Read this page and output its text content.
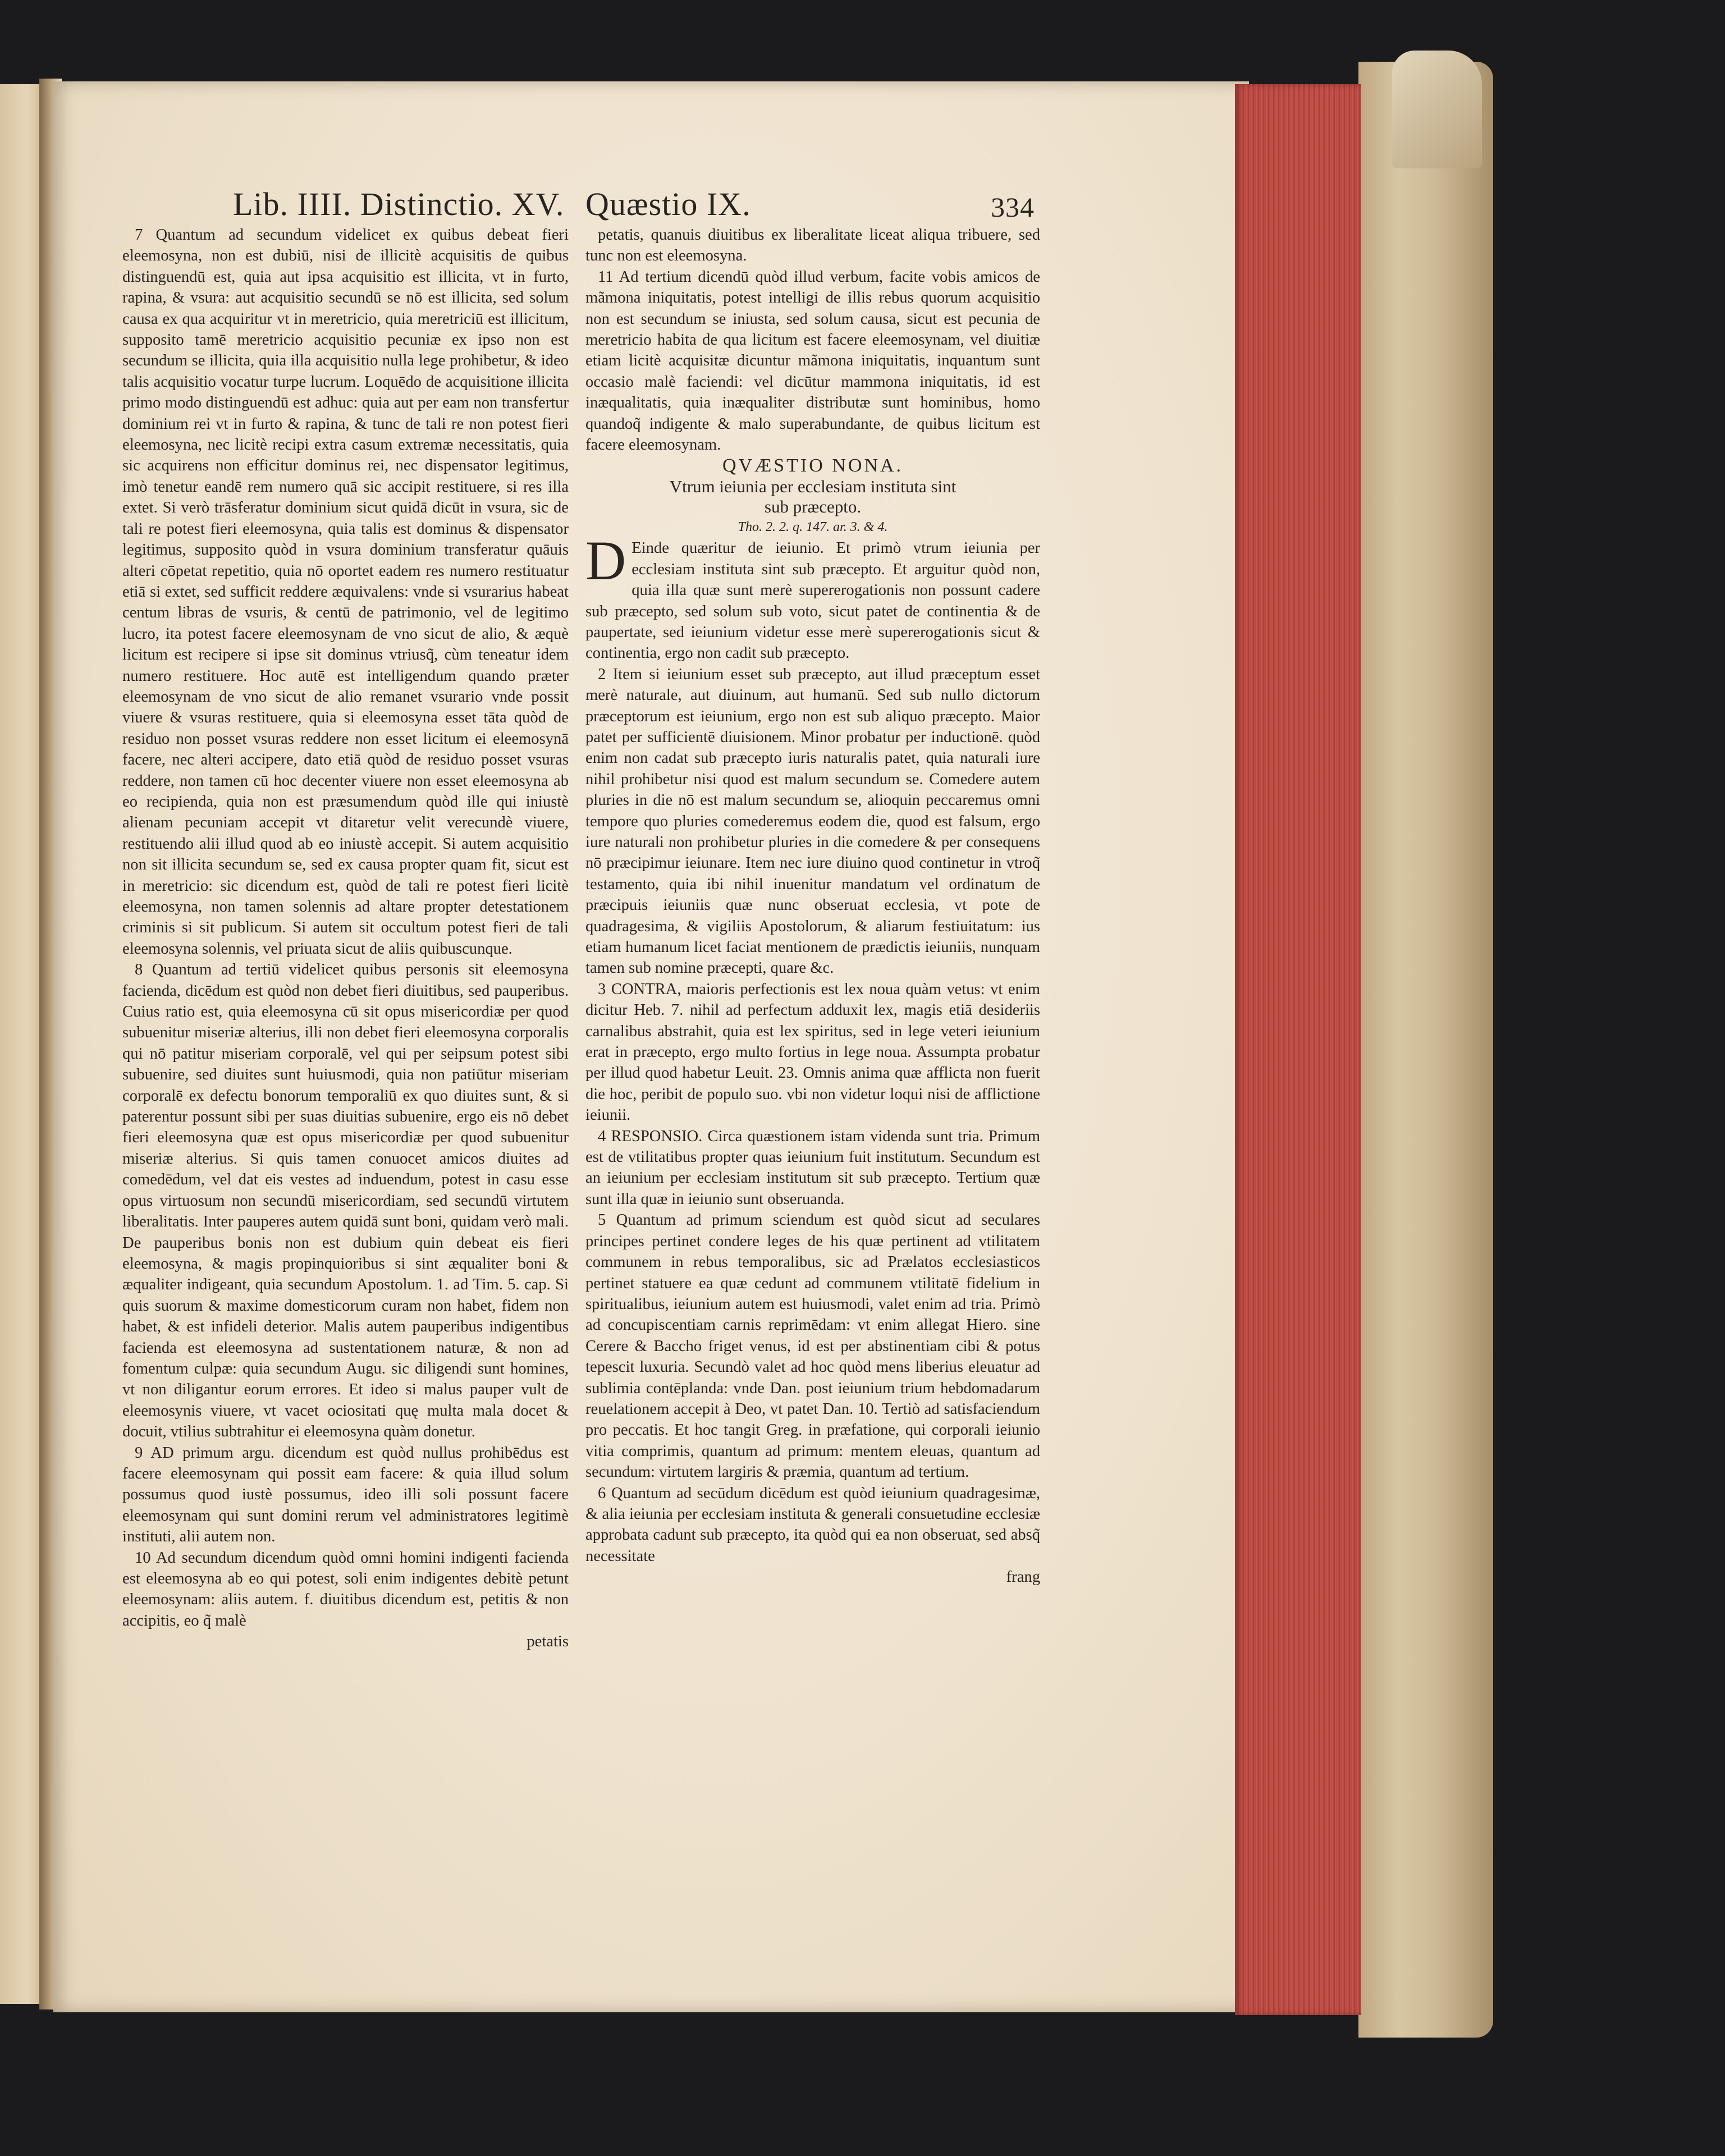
Lib. IIII. Distinctio. XV. Quæstio IX.	334

7 Quantum ad secundum videlicet ex quibus debeat fieri eleemosyna, non est dubiū, nisi de illicitè acquisitis de quibus distinguendū est, quia aut ipsa acquisitio est illicita, vt in furto, rapina, & vsura: aut acquisitio secundū se nō est illicita, sed solum causa ex qua acquiritur vt in meretricio, quia meretriciū est illicitum, supposito tamē meretricio acquisitio pecuniæ ex ipso non est secundum se illicita, quia illa acquisitio nulla lege prohibetur, & ideo talis acquisitio vocatur turpe lucrum. Loquēdo de acquisitione illicita primo modo distinguendū est adhuc: quia aut per eam non transfertur dominium rei vt in furto & rapina, & tunc de tali re non potest fieri eleemosyna, nec licitè recipi extra casum extremæ necessitatis, quia sic acquirens non efficitur dominus rei, nec dispensator legitimus, imò tenetur eandē rem numero quā sic accipit restituere, si res illa extet. Si verò trāsferatur dominium sicut quidā dicūt in vsura, sic de tali re potest fieri eleemosyna, quia talis est dominus & dispensator legitimus, supposito quòd in vsura dominium transferatur quāuis alteri cōpetat repetitio, quia nō oportet eadem res numero restituatur etiā si extet, sed sufficit reddere æquivalens: vnde si vsurarius habeat centum libras de vsuris, & centū de patrimonio, vel de legitimo lucro, ita potest facere eleemosynam de vno sicut de alio, & æquè licitum est recipere si ipse sit dominus vtriusq̃, cùm teneatur idem numero restituere. Hoc autē est intelligendum quando præter eleemosynam de vno sicut de alio remanet vsurario vnde possit viuere & vsuras restituere, quia si eleemosyna esset tāta quòd de residuo non posset vsuras reddere non esset licitum ei eleemosynā facere, nec alteri accipere, dato etiā quòd de residuo posset vsuras reddere, non tamen cū hoc decenter viuere non esset eleemosyna ab eo recipienda, quia non est præsumendum quòd ille qui iniustè alienam pecuniam accepit vt ditaretur velit verecundè viuere, restituendo alii illud quod ab eo iniustè accepit. Si autem acquisitio non sit illicita secundum se, sed ex causa propter quam fit, sicut est in meretricio: sic dicendum est, quòd de tali re potest fieri licitè eleemosyna, non tamen solennis ad altare propter detestationem criminis si sit publicum. Si autem sit occultum potest fieri de tali eleemosyna solennis, vel priuata sicut de aliis quibuscunque.

8 Quantum ad tertiū videlicet quibus personis sit eleemosyna facienda, dicēdum est quòd non debet fieri diuitibus, sed pauperibus. Cuius ratio est, quia eleemosyna cū sit opus misericordiæ per quod subuenitur miseriæ alterius, illi non debet fieri eleemosyna corporalis qui nō patitur miseriam corporalē, vel qui per seipsum potest sibi subuenire, sed diuites sunt huiusmodi, quia non patiūtur miseriam corporalē ex defectu bonorum temporaliū ex quo diuites sunt, & si paterentur possunt sibi per suas diuitias subuenire, ergo eis nō debet fieri eleemosyna quæ est opus misericordiæ per quod subuenitur miseriæ alterius. Si quis tamen conuocet amicos diuites ad comedēdum, vel dat eis vestes ad induendum, potest in casu esse opus virtuosum non secundū misericordiam, sed secundū virtutem liberalitatis. Inter pauperes autem quidā sunt boni, quidam verò mali. De pauperibus bonis non est dubium quin debeat eis fieri eleemosyna, & magis propinquioribus si sint æqualiter boni & æqualiter indigeant, quia secundum Apostolum. 1. ad Tim. 5. cap. Si quis suorum & maxime domesticorum curam non habet, fidem non habet, & est infideli deterior. Malis autem pauperibus indigentibus facienda est eleemosyna ad sustentationem naturæ, & non ad fomentum culpæ: quia secundum Augu. sic diligendi sunt homines, vt non diligantur eorum errores. Et ideo si malus pauper vult de eleemosynis viuere, vt vacet ociositati quę multa mala docet & docuit, vtilius subtrahitur ei eleemosyna quàm donetur.

9 AD primum argu. dicendum est quòd nullus prohibēdus est facere eleemosynam qui possit eam facere: & quia illud solum possumus quod iustè possumus, ideo illi soli possunt facere eleemosynam qui sunt domini rerum vel administratores legitimè instituti, alii autem non.

10 Ad secundum dicendum quòd omni homini indigenti facienda est eleemosyna ab eo qui potest, soli enim indigentes debitè petunt eleemosynam: aliis autem. f. diuitibus dicendum est, petitis & non accipitis, eo q̃ malè

petatis

petatis, quanuis diuitibus ex liberalitate liceat aliqua tribuere, sed tunc non est eleemosyna.

11 Ad tertium dicendū quòd illud verbum, facite vobis amicos de mãmona iniquitatis, potest intelligi de illis rebus quorum acquisitio non est secundum se iniusta, sed solum causa, sicut est pecunia de meretricio habita de qua licitum est facere eleemosynam, vel diuitiæ etiam licitè acquisitæ dicuntur mãmona iniquitatis, inquantum sunt occasio malè faciendi: vel dicūtur mammona iniquitatis, id est inæqualitatis, quia inæqualiter distributæ sunt hominibus, homo quandoq̃ indigente & malo superabundante, de quibus licitum est facere eleemosynam.

QVÆSTIO NONA.

Vtrum ieiunia per ecclesiam instituta sint

sub præcepto.

Tho. 2. 2. q. 147. ar. 3. & 4.

D Einde quæritur de ieiunio. Et primò vtrum ieiunia per ecclesiam instituta sint sub præcepto. Et arguitur quòd non, quia illa quæ sunt merè supererogationis non possunt cadere sub præcepto, sed solum sub voto, sicut patet de continentia & de paupertate, sed ieiunium videtur esse merè supererogationis sicut & continentia, ergo non cadit sub præcepto.

2 Item si ieiunium esset sub præcepto, aut illud præceptum esset merè naturale, aut diuinum, aut humanū. Sed sub nullo dictorum præceptorum est ieiunium, ergo non est sub aliquo præcepto. Maior patet per sufficientē diuisionem. Minor probatur per inductionē. quòd enim non cadat sub præcepto iuris naturalis patet, quia naturali iure nihil prohibetur nisi quod est malum secundum se. Comedere autem pluries in die nō est malum secundum se, alioquin peccaremus omni tempore quo pluries comederemus eodem die, quod est falsum, ergo iure naturali non prohibetur pluries in die comedere & per consequens nō præcipimur ieiunare. Item nec iure diuino quod continetur in vtroq̃ testamento, quia ibi nihil inuenitur mandatum vel ordinatum de præcipuis ieiuniis quæ nunc obseruat ecclesia, vt pote de quadragesima, & vigiliis Apostolorum, & aliarum festiuitatum: ius etiam humanum licet faciat mentionem de prædictis ieiuniis, nunquam tamen sub nomine præcepti, quare &c.

3 CONTRA, maioris perfectionis est lex noua quàm vetus: vt enim dicitur Heb. 7. nihil ad perfectum adduxit lex, magis etiā desideriis carnalibus abstrahit, quia est lex spiritus, sed in lege veteri ieiunium erat in præcepto, ergo multo fortius in lege noua. Assumpta probatur per illud quod habetur Leuit. 23. Omnis anima quæ afflicta non fuerit die hoc, peribit de populo suo. vbi non videtur loqui nisi de afflictione ieiunii.

4 RESPONSIO. Circa quæstionem istam videnda sunt tria. Primum est de vtilitatibus propter quas ieiunium fuit institutum. Secundum est an ieiunium per ecclesiam institutum sit sub præcepto. Tertium quæ sunt illa quæ in ieiunio sunt obseruanda.

5 Quantum ad primum sciendum est quòd sicut ad seculares principes pertinet condere leges de his quæ pertinent ad vtilitatem communem in rebus temporalibus, sic ad Prælatos ecclesiasticos pertinet statuere ea quæ cedunt ad communem vtilitatē fidelium in spiritualibus, ieiunium autem est huiusmodi, valet enim ad tria. Primò ad concupiscentiam carnis reprimēdam: vt enim allegat Hiero. sine Cerere & Baccho friget venus, id est per abstinentiam cibi & potus tepescit luxuria. Secundò valet ad hoc quòd mens liberius eleuatur ad sublimia contēplanda: vnde Dan. post ieiunium trium hebdomadarum reuelationem accepit à Deo, vt patet Dan. 10. Tertiò ad satisfaciendum pro peccatis. Et hoc tangit Greg. in præfatione, qui corporali ieiunio vitia comprimis, quantum ad primum: mentem eleuas, quantum ad secundum: virtutem largiris & præmia, quantum ad tertium.

6 Quantum ad secūdum dicēdum est quòd ieiunium quadragesimæ, & alia ieiunia per ecclesiam instituta & generali consuetudine ecclesiæ approbata cadunt sub præcepto, ita quòd qui ea non obseruat, sed absq̃ necessitate

frang
